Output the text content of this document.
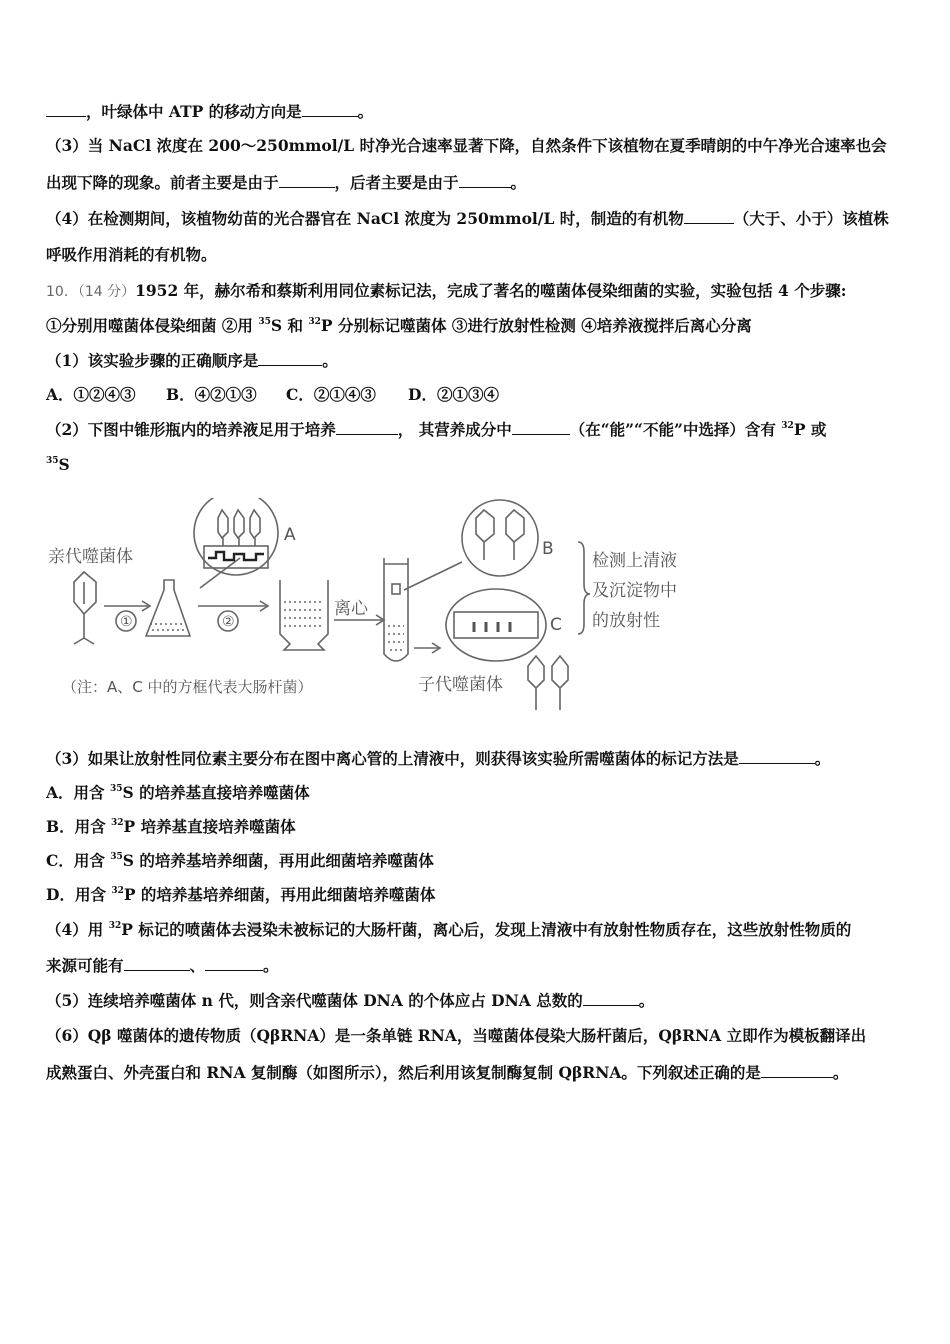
，叶绿体中 ATP 的移动方向是	。
（3）当 NaCl 浓度在 200～250mmol/L 时净光合速率显著下降，自然条件下该植物在夏季晴朗的中午净光合速率也会
出现下降的现象。前者主要是由于	，后者主要是由于	。
（4）在检测期间，该植物幼苗的光合器官在 NaCl 浓度为 250mmol/L 时，制造的有机物	（大于、小于）该植株
呼吸作用消耗的有机物。
10．（14 分）1952 年，赫尔希和蔡斯利用同位素标记法，完成了著名的噬菌体侵染细菌的实验，实验包括 4 个步骤:
①分别用噬菌体侵染细菌 ②用 $^{35}$S 和 $^{32}$P 分别标记噬菌体 ③进行放射性检测 ④培养液搅拌后离心分离
（1）该实验步骤的正确顺序是	。
A．①②④③ B．④②①③ C．②①④③ D．②①③④
（2）下图中锥形瓶内的培养液足用于培养	， 其营养成分中	（在“能”“不能”中选择）含有 $^{32}$P 或
$^{35}$S
亲代噬菌体
①	②
A
离心
B
C
检测上清液
及沉淀物中
的放射性
子代噬菌体
（注：A、C 中的方框代表大肠杆菌）
（3）如果让放射性同位素主要分布在图中离心管的上清液中，则获得该实验所需噬菌体的标记方法是	。
A．用含 $^{35}$S 的培养基直接培养噬菌体
B．用含 $^{32}$P 培养基直接培养噬菌体
C．用含 $^{35}$S 的培养基培养细菌，再用此细菌培养噬菌体
D．用含 $^{32}$P 的培养基培养细菌，再用此细菌培养噬菌体
（4）用 $^{32}$P 标记的喷菌体去浸染未被标记的大肠杆菌，离心后，发现上清液中有放射性物质存在，这些放射性物质的
来源可能有	、	。
（5）连续培养噬菌体 n 代，则含亲代噬菌体 DNA 的个体应占 DNA 总数的	。
（6）Qβ 噬菌体的遗传物质（QβRNA）是一条单链 RNA，当噬菌体侵染大肠杆菌后，QβRNA 立即作为模板翻译出
成熟蛋白、外壳蛋白和 RNA 复制酶（如图所示），然后利用该复制酶复制 QβRNA。下列叙述正确的是	。
